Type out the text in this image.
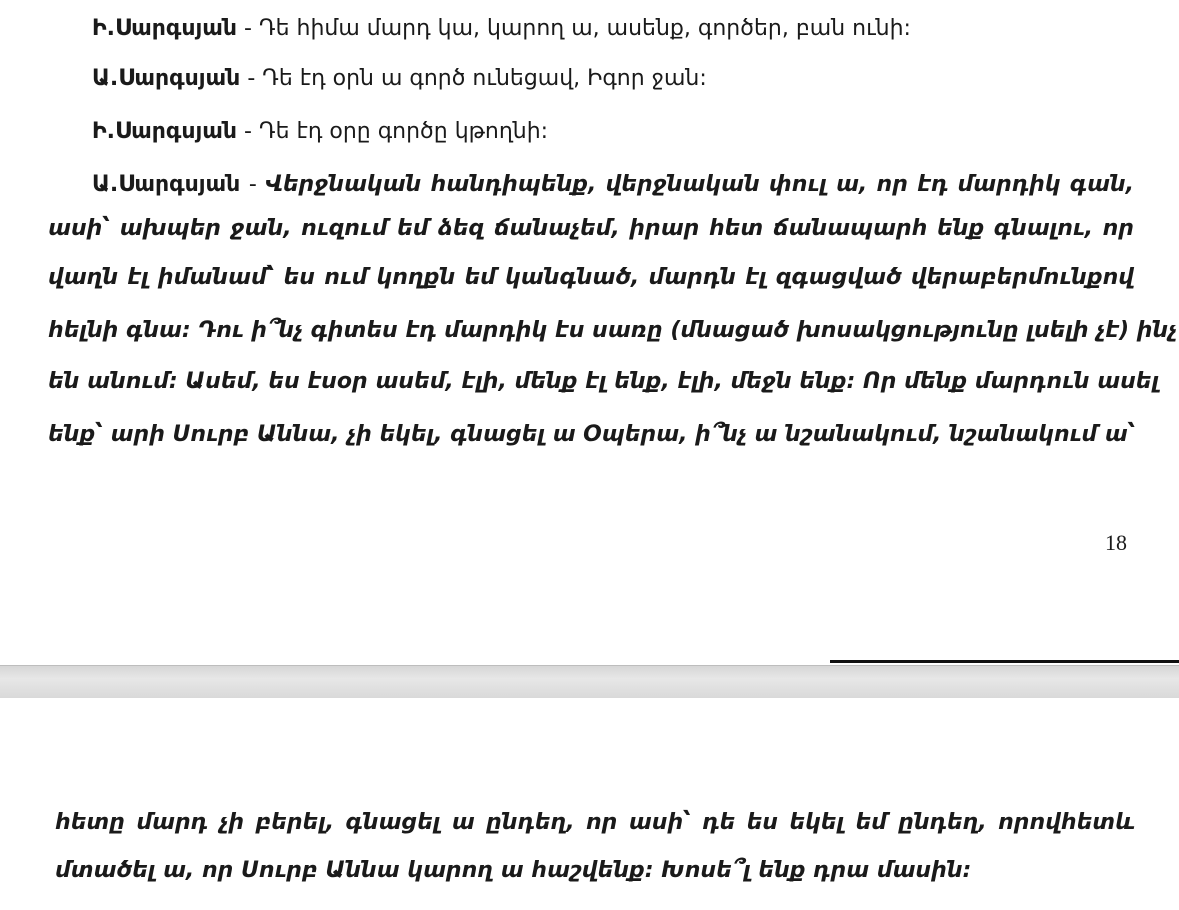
Ի.Սարգսյան - Դե հիմա մարդ կա, կարող ա, ասենք, գործեր, բան ունի:
Ա.Սարգսյան - Դե էդ օրն ա գործ ունեցավ, Իգոր ջան:
Ի.Սարգսյան - Դե էդ օրը գործը կթողնի:
Ա.Սարգսյան - Վերջնական հանդիպենք, վերջնական փուլ ա, որ էդ մարդիկ գան,
ասի՝ ախպեր ջան, ուզում եմ ձեզ ճանաչեմ, իրար հետ ճանապարհ ենք գնալու, որ
վաղն էլ իմանամ՝ ես ում կողքն եմ կանգնած, մարդն էլ զգացված վերաբերմունքով
հելնի գնա: Դու ի՞նչ գիտես էդ մարդիկ էս սառը (մնացած խոսակցությունը լսելի չէ) ինչ
են անում: Ասեմ, ես էսօր ասեմ, էլի, մենք էլ ենք, էլի, մեջն ենք: Որ մենք մարդուն ասել
ենք՝ արի Սուրբ Աննա, չի եկել, գնացել ա Օպերա, ի՞նչ ա նշանակում, նշանակում ա՝
18
հետը մարդ չի բերել, գնացել ա ընդեղ, որ ասի՝ դե ես եկել եմ ընդեղ, որովհետև
մտածել ա, որ Սուրբ Աննա կարող ա հաշվենք: Խոսե՞լ ենք դրա մասին:
